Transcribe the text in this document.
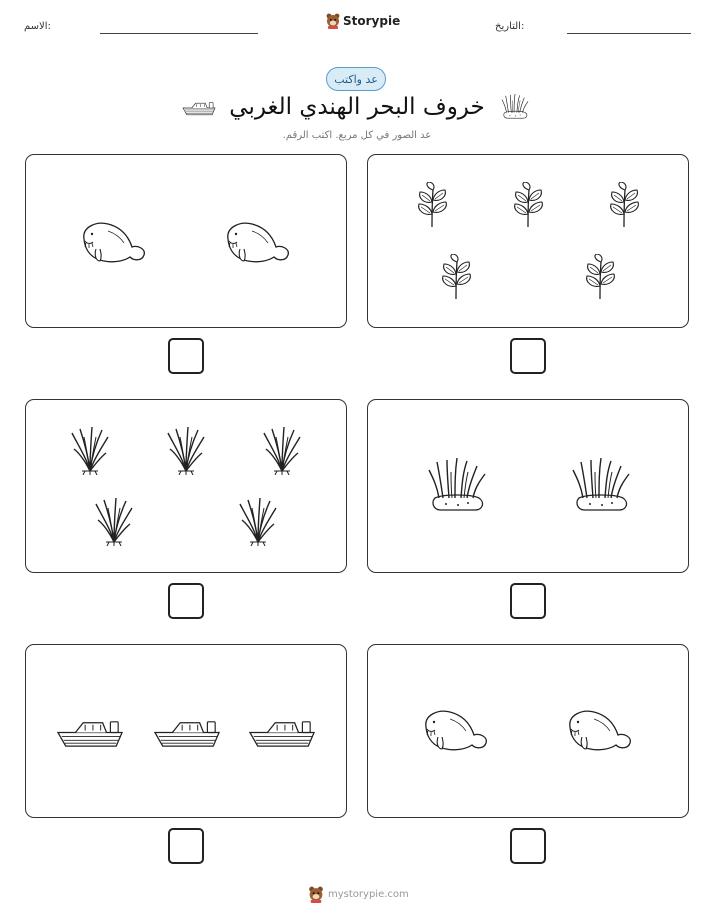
الاسم:	Storypie	التاريخ:
عد واكتب
خروف البحر الهندي الغربي
عد الصور في كل مربع. اكتب الرقم.
mystorypie.com
